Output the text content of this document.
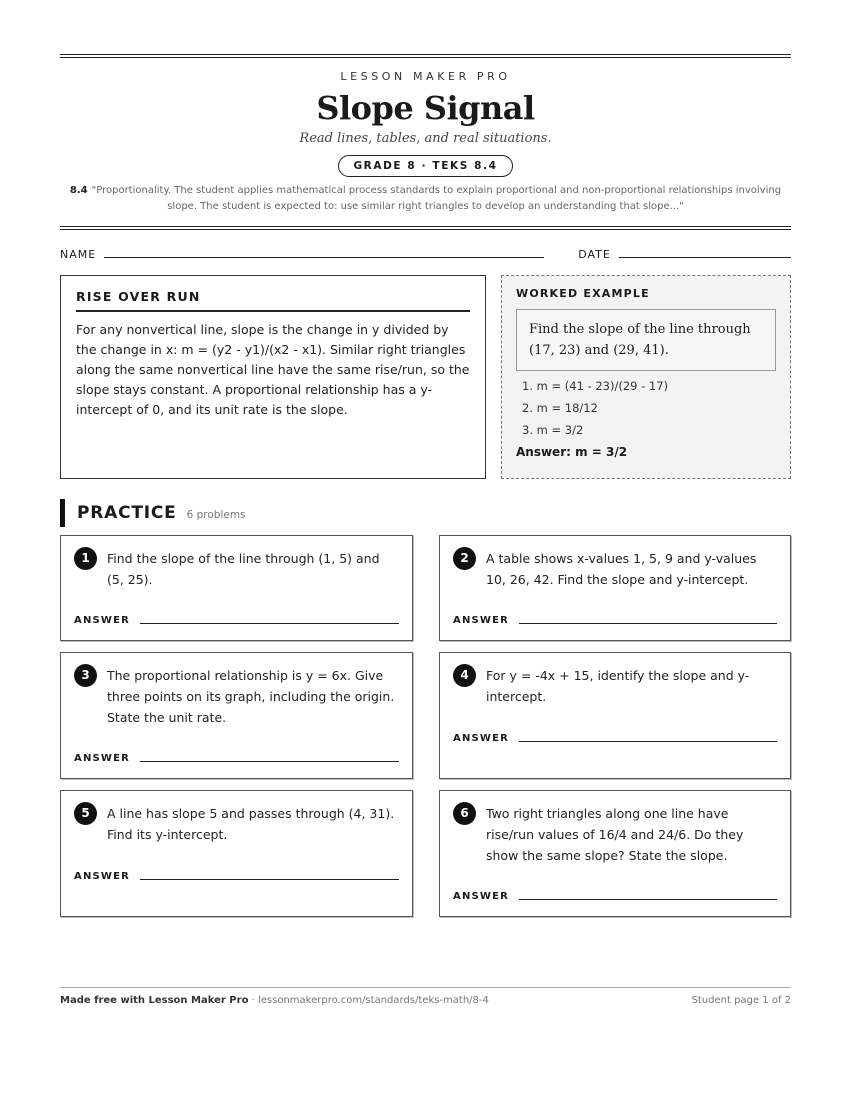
LESSON MAKER PRO
Slope Signal
Read lines, tables, and real situations.
GRADE 8 · TEKS 8.4
8.4 "Proportionality. The student applies mathematical process standards to explain proportional and non-proportional relationships involving slope. The student is expected to: use similar right triangles to develop an understanding that slope..."
NAME	DATE
RISE OVER RUN
For any nonvertical line, slope is the change in y divided by the change in x: m = (y2 - y1)/(x2 - x1). Similar right triangles along the same nonvertical line have the same rise/run, so the slope stays constant. A proportional relationship has a y-intercept of 0, and its unit rate is the slope.
WORKED EXAMPLE
Find the slope of the line through (17, 23) and (29, 41).
1. m = (41 - 23)/(29 - 17)
2. m = 18/12
3. m = 3/2
Answer: m = 3/2
PRACTICE 6 problems
1	Find the slope of the line through (1, 5) and (5, 25).
ANSWER
2	A table shows x-values 1, 5, 9 and y-values 10, 26, 42. Find the slope and y-intercept.
ANSWER
3	The proportional relationship is y = 6x. Give three points on its graph, including the origin. State the unit rate.
ANSWER
4	For y = -4x + 15, identify the slope and y-intercept.
ANSWER
5	A line has slope 5 and passes through (4, 31). Find its y-intercept.
ANSWER
6	Two right triangles along one line have rise/run values of 16/4 and 24/6. Do they show the same slope? State the slope.
ANSWER
Made free with Lesson Maker Pro · lessonmakerpro.com/standards/teks-math/8-4	Student page 1 of 2
